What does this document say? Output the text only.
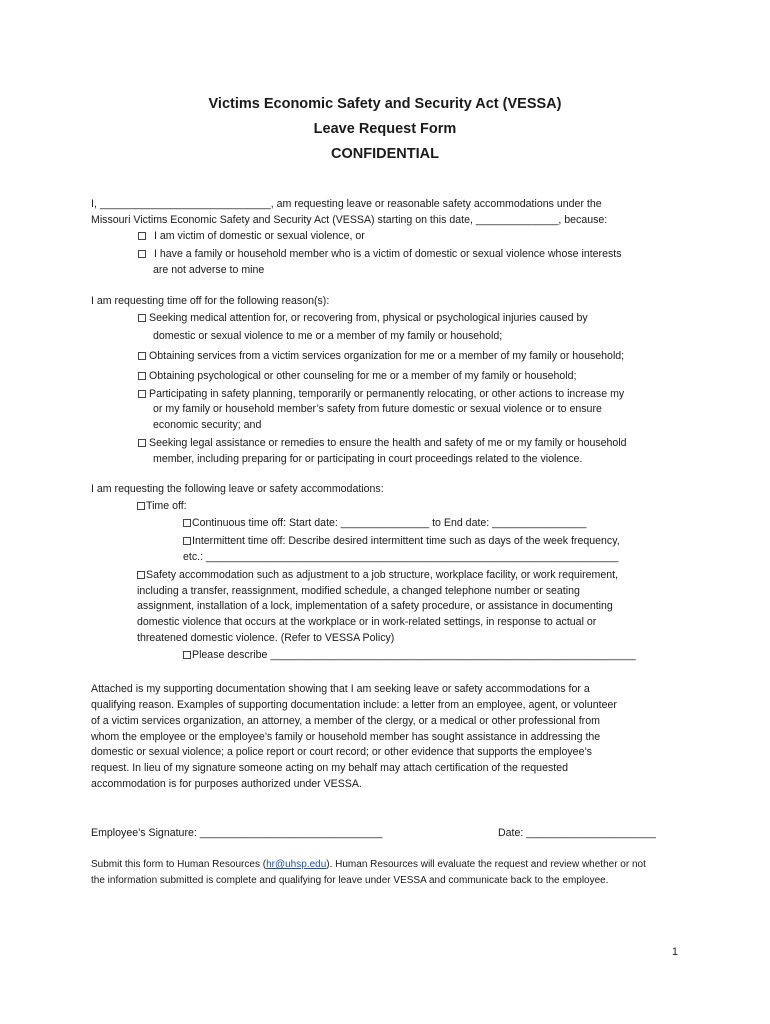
Victims Economic Safety and Security Act (VESSA)
Leave Request Form
CONFIDENTIAL
I, _____________________________, am requesting leave or reasonable safety accommodations under the
Missouri Victims Economic Safety and Security Act (VESSA) starting on this date, ______________, because:
I am victim of domestic or sexual violence, or
I have a family or household member who is a victim of domestic or sexual violence whose interests
are not adverse to mine
I am requesting time off for the following reason(s):
Seeking medical attention for, or recovering from, physical or psychological injuries caused by
domestic or sexual violence to me or a member of my family or household;
Obtaining services from a victim services organization for me or a member of my family or household;
Obtaining psychological or other counseling for me or a member of my family or household;
Participating in safety planning, temporarily or permanently relocating, or other actions to increase my
or my family or household member’s safety from future domestic or sexual violence or to ensure
economic security; and
Seeking legal assistance or remedies to ensure the health and safety of me or my family or household
member, including preparing for or participating in court proceedings related to the violence.
I am requesting the following leave or safety accommodations:
Time off:
Continuous time off: Start date: _______________ to End date: ________________
Intermittent time off: Describe desired intermittent time such as days of the week frequency,
etc.: ______________________________________________________________________
Safety accommodation such as adjustment to a job structure, workplace facility, or work requirement,
including a transfer, reassignment, modified schedule, a changed telephone number or seating
assignment, installation of a lock, implementation of a safety procedure, or assistance in documenting
domestic violence that occurs at the workplace or in work-related settings, in response to actual or
threatened domestic violence. (Refer to VESSA Policy)
Please describe ______________________________________________________________
Attached is my supporting documentation showing that I am seeking leave or safety accommodations for a
qualifying reason. Examples of supporting documentation include: a letter from an employee, agent, or volunteer
of a victim services organization, an attorney, a member of the clergy, or a medical or other professional from
whom the employee or the employee’s family or household member has sought assistance in addressing the
domestic or sexual violence; a police report or court record; or other evidence that supports the employee’s
request. In lieu of my signature someone acting on my behalf may attach certification of the requested
accommodation is for purposes authorized under VESSA.
Employee’s Signature: _______________________________	Date: ______________________
Submit this form to Human Resources (hr@uhsp.edu). Human Resources will evaluate the request and review whether or not
the information submitted is complete and qualifying for leave under VESSA and communicate back to the employee.
1
